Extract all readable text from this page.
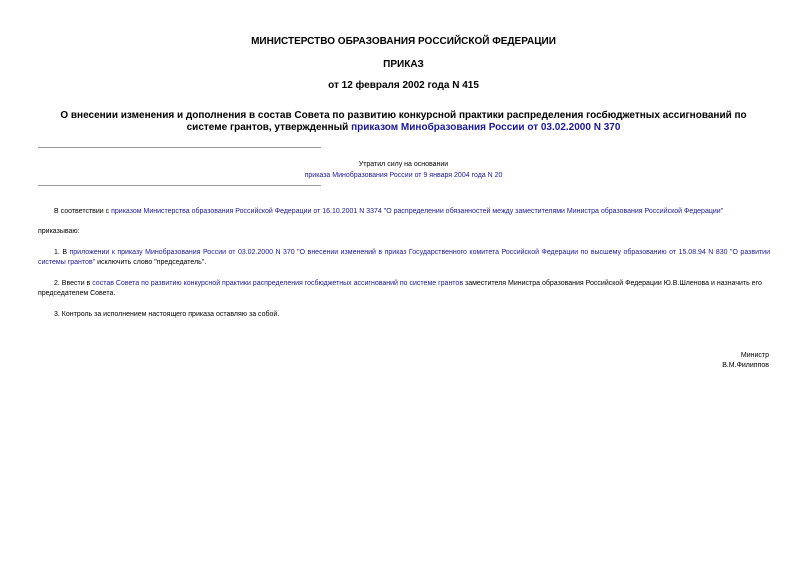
МИНИСТЕРСТВО ОБРАЗОВАНИЯ РОССИЙСКОЙ ФЕДЕРАЦИИ
ПРИКАЗ
от 12 февраля 2002 года N 415
О внесении изменения и дополнения в состав Совета по развитию конкурсной практики распределения госбюджетных ассигнований по системе грантов, утвержденный приказом Минобразования России от 03.02.2000 N 370
Утратил силу на основании
приказа Минобразования России от 9 января 2004 года N 20
В соответствии с приказом Министерства образования Российской Федерации от 16.10.2001 N 3374 "О распределении обязанностей между заместителями Министра образования Российской Федерации"
приказываю:
1. В приложении к приказу Минобразования России от 03.02.2000 N 370 "О внесении изменений в приказ Государственного комитета Российской Федерации по высшему образованию от 15.08.94 N 830 "О развитии системы грантов" исключить слово "председатель".
2. Ввести в состав Совета по развитию конкурсной практики распределения госбюджетных ассигнований по системе грантов заместителя Министра образования Российской Федерации Ю.В.Шленова и назначить его председателем Совета.
3. Контроль за исполнением настоящего приказа оставляю за собой.
Министр
В.М.Филиппов
